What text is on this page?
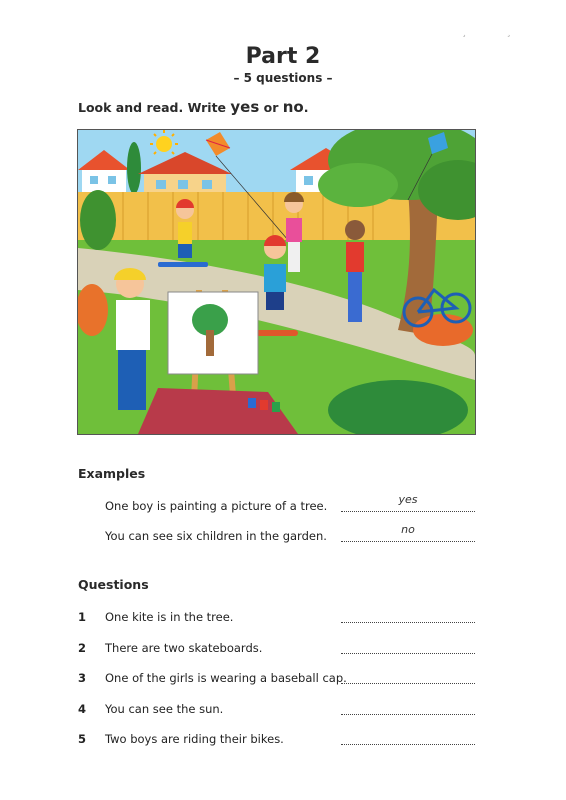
¸¸
Part 2
– 5 questions –
Look and read. Write yes or no.
Examples
One boy is painting a picture of a tree.	yes
You can see six children in the garden.	no
Questions
1 One kite is in the tree.
2 There are two skateboards.
3 One of the girls is wearing a baseball cap.
4 You can see the sun.
5 Two boys are riding their bikes.
